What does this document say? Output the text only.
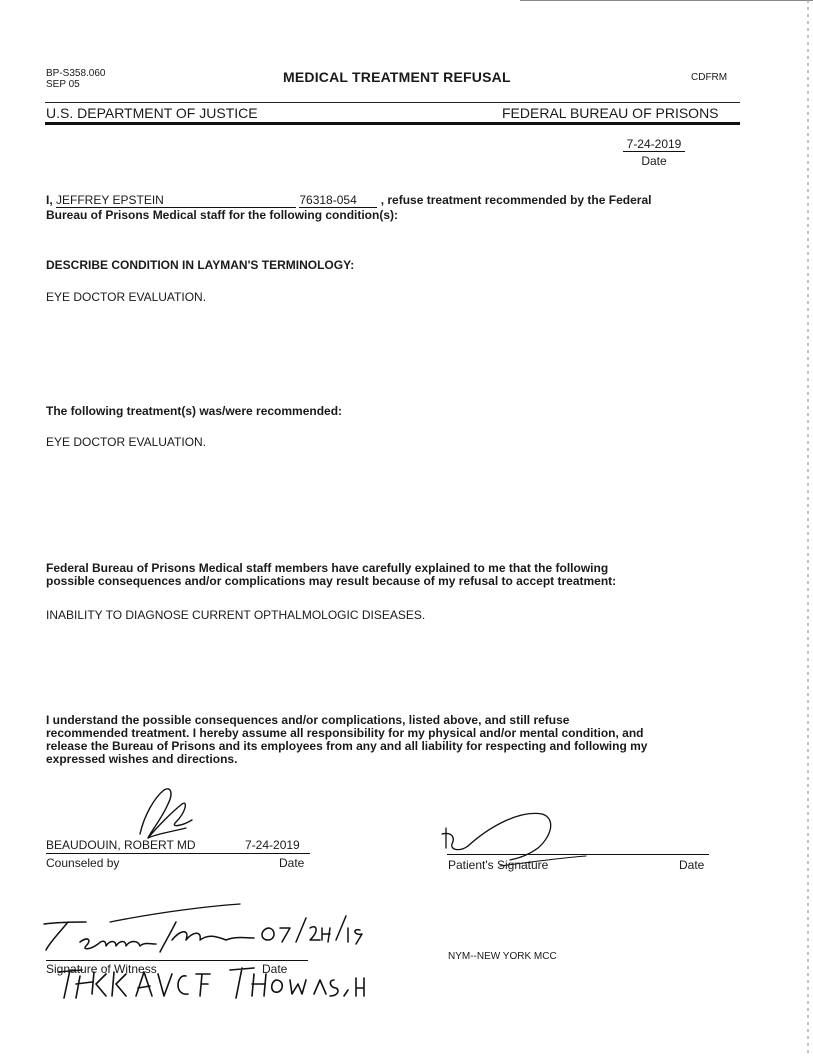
BP-S358.060
SEP 05	MEDICAL TREATMENT REFUSAL	CDFRM
U.S. DEPARTMENT OF JUSTICE	FEDERAL BUREAU OF PRISONS
7-24-2019
Date
I, JEFFREY EPSTEIN	76318-054 , refuse treatment recommended by the Federal
Bureau of Prisons Medical staff for the following condition(s):
DESCRIBE CONDITION IN LAYMAN'S TERMINOLOGY:
EYE DOCTOR EVALUATION.
The following treatment(s) was/were recommended:
EYE DOCTOR EVALUATION.
Federal Bureau of Prisons Medical staff members have carefully explained to me that the following
possible consequences and/or complications may result because of my refusal to accept treatment:
INABILITY TO DIAGNOSE CURRENT OPTHALMOLOGIC DISEASES.
I understand the possible consequences and/or complications, listed above, and still refuse
recommended treatment. I hereby assume all responsibility for my physical and/or mental condition, and
release the Bureau of Prisons and its employees from any and all liability for respecting and following my
expressed wishes and directions.
BEAUDOUIN, ROBERT MD	7-24-2019
Counseled by	Date	Patient's Signature	Date
Signature of Witness	Date
NYM--NEW YORK MCC
